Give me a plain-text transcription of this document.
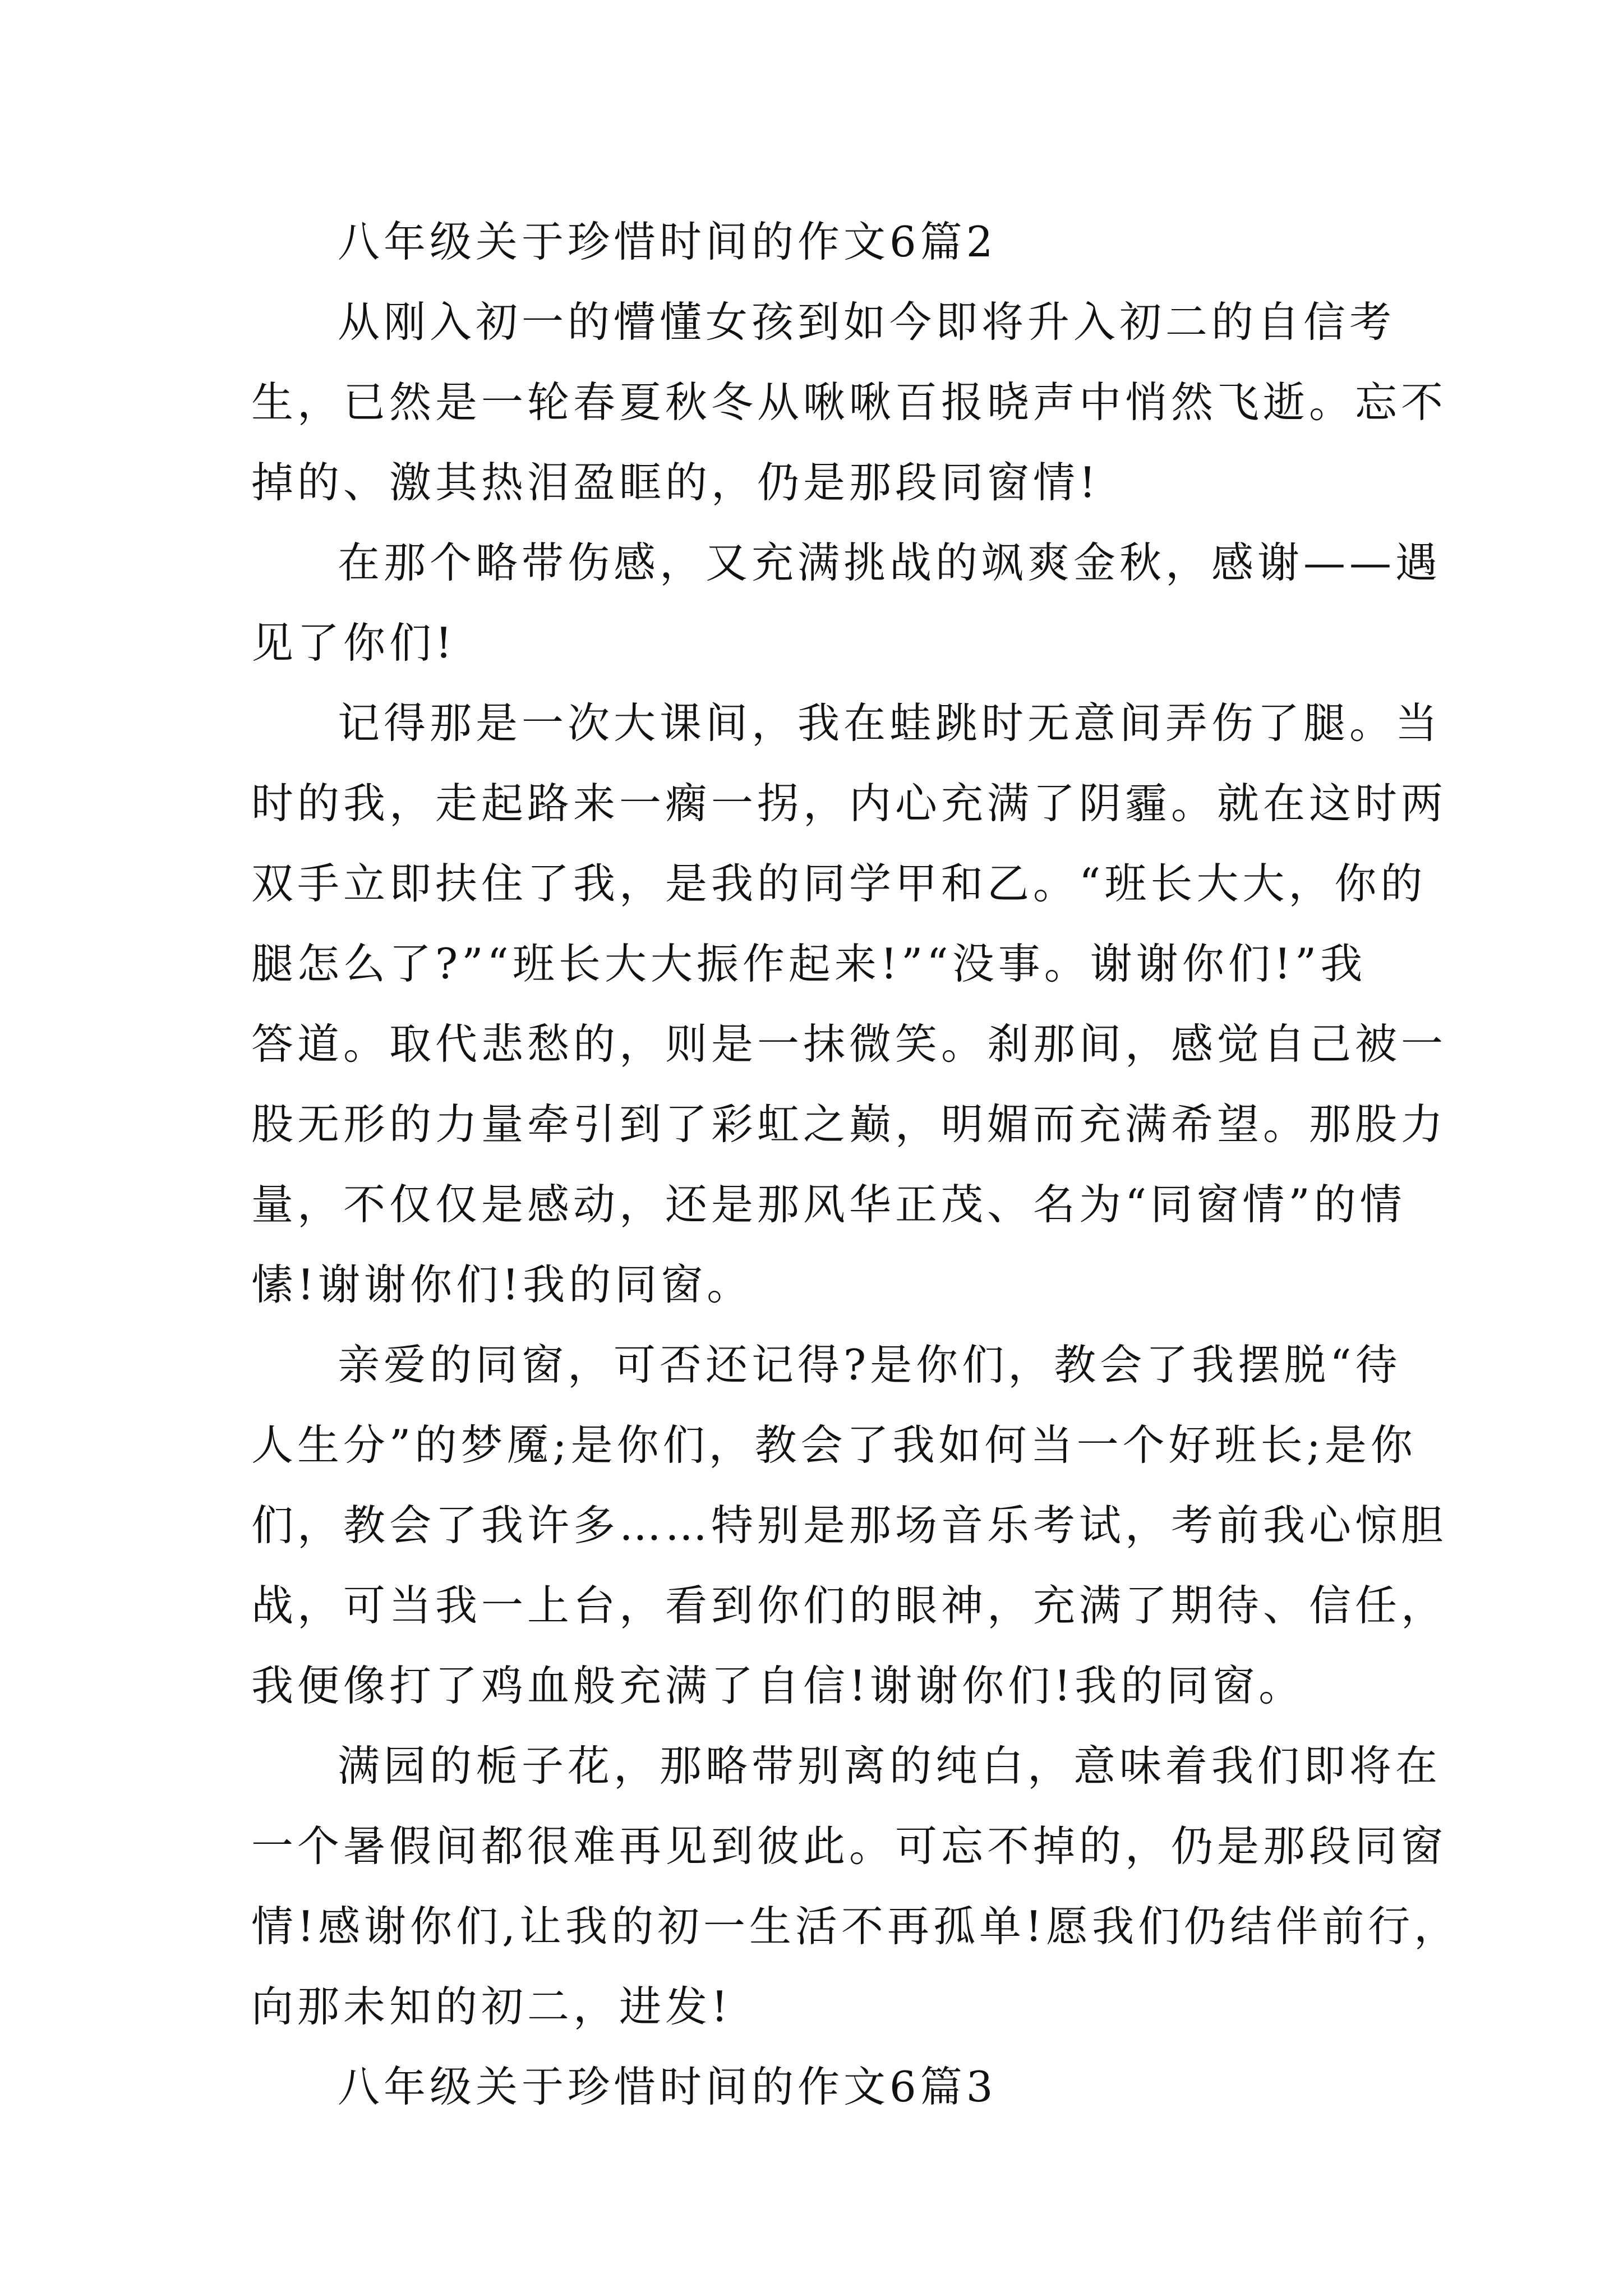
八年级关于珍惜时间的作文6篇2
从刚入初一的懵懂女孩到如今即将升入初二的自信考
生，已然是一轮春夏秋冬从啾啾百报晓声中悄然飞逝。忘不
掉的、激其热泪盈眶的，仍是那段同窗情!
在那个略带伤感，又充满挑战的飒爽金秋，感谢——遇
见了你们!
记得那是一次大课间，我在蛙跳时无意间弄伤了腿。当
时的我，走起路来一瘸一拐，内心充满了阴霾。就在这时两
双手立即扶住了我，是我的同学甲和乙。“班长大大，你的
腿怎么了?”“班长大大振作起来!”“没事。谢谢你们!”我
答道。取代悲愁的，则是一抹微笑。刹那间，感觉自己被一
股无形的力量牵引到了彩虹之巅，明媚而充满希望。那股力
量，不仅仅是感动，还是那风华正茂、名为“同窗情”的情
愫!谢谢你们!我的同窗。
亲爱的同窗，可否还记得?是你们，教会了我摆脱“待
人生分”的梦魇;是你们，教会了我如何当一个好班长;是你
们，教会了我许多……特别是那场音乐考试，考前我心惊胆
战，可当我一上台，看到你们的眼神，充满了期待、信任，
我便像打了鸡血般充满了自信!谢谢你们!我的同窗。
满园的栀子花，那略带别离的纯白，意味着我们即将在
一个暑假间都很难再见到彼此。可忘不掉的，仍是那段同窗
情!感谢你们,让我的初一生活不再孤单!愿我们仍结伴前行，
向那未知的初二，进发!
八年级关于珍惜时间的作文6篇3
